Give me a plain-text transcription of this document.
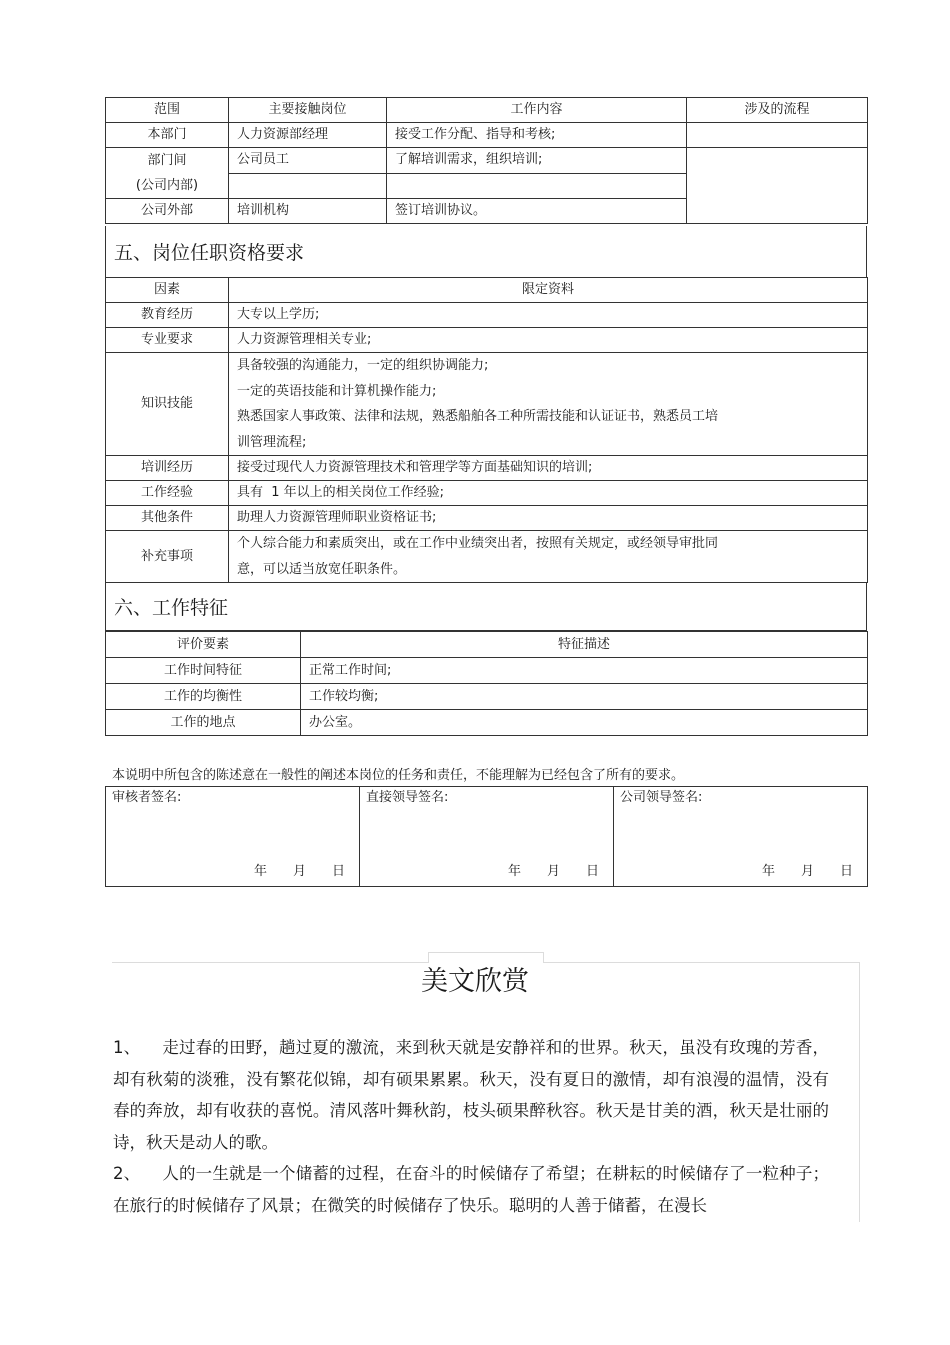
范围	主要接触岗位	工作内容	涉及的流程
本部门	人力资源部经理	接受工作分配、指导和考核;	

部门间
(公司内部)	公司员工	了解培训需求，组织培训;	

公司外部	培训机构	签订培训协议。	
五、岗位任职资格要求
因素	限定资料
教育经历	大专以上学历;
专业要求	人力资源管理相关专业;
知识技能	具备较强的沟通能力，一定的组织协调能力;
一定的英语技能和计算机操作能力;
熟悉国家人事政策、法律和法规，熟悉船舶各工种所需技能和认证证书，熟悉员工培
训管理流程;

培训经历	接受过现代人力资源管理技术和管理学等方面基础知识的培训;
工作经验	具有  1 年以上的相关岗位工作经验;
其他条件	助理人力资源管理师职业资格证书;
补充事项	个人综合能力和素质突出，或在工作中业绩突出者，按照有关规定，或经领导审批同
意，可以适当放宽任职条件。
六、工作特征
评价要素	特征描述
工作时间特征	正常工作时间;
工作的均衡性	工作较均衡;
工作的地点	办公室。
本说明中所包含的陈述意在一般性的阐述本岗位的任务和责任，不能理解为已经包含了所有的要求。
审核者签名:
年 月 日
	直接领导签名:
年 月 日
	公司领导签名:
年 月 日
美文欣赏

1、 走过春的田野，趟过夏的激流，来到秋天就是安静祥和的世界。秋天，虽没有玫瑰的芳香，却有秋菊的淡雅，没有繁花似锦，却有硕果累累。秋天，没有夏日的激情，却有浪漫的温情，没有春的奔放，却有收获的喜悦。清风落叶舞秋韵，枝头硕果醉秋容。秋天是甘美的酒，秋天是壮丽的诗，秋天是动人的歌。

2、 人的一生就是一个储蓄的过程，在奋斗的时候储存了希望；在耕耘的时候储存了一粒种子；在旅行的时候储存了风景；在微笑的时候储存了快乐。聪明的人善于储蓄，在漫长
